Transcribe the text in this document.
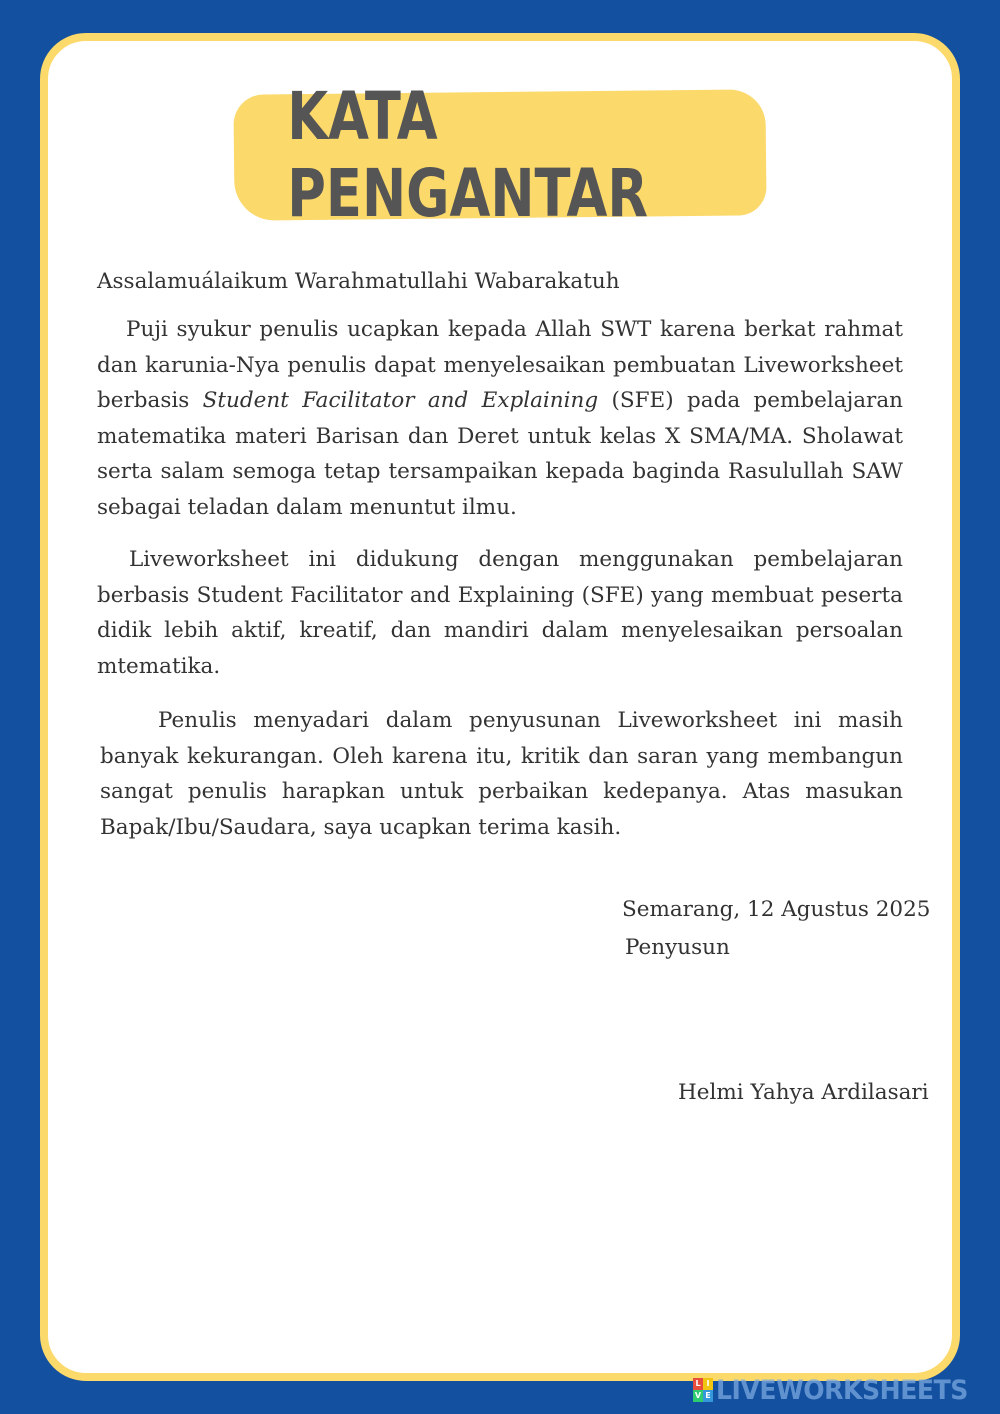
KATA PENGANTAR
Assalamuálaikum Warahmatullahi Wabarakatuh
Puji syukur penulis ucapkan kepada Allah SWT karena berkat rahmat dan karunia-Nya penulis dapat menyelesaikan pembuatan Liveworksheet berbasis Student Facilitator and Explaining (SFE) pada pembelajaran matematika materi Barisan dan Deret untuk kelas X SMA/MA. Sholawat serta salam semoga tetap tersampaikan kepada baginda Rasulullah SAW sebagai teladan dalam menuntut ilmu.
Liveworksheet ini didukung dengan menggunakan pembelajaran berbasis Student Facilitator and Explaining (SFE) yang membuat peserta didik lebih aktif, kreatif, dan mandiri dalam menyelesaikan persoalan mtematika.
Penulis menyadari dalam penyusunan Liveworksheet ini masih banyak kekurangan. Oleh karena itu, kritik dan saran yang membangun sangat penulis harapkan untuk perbaikan kedepanya. Atas masukan Bapak/Ibu/Saudara, saya ucapkan terima kasih.
Semarang, 12 Agustus 2025
Penyusun
Helmi Yahya Ardilasari
L I
V E LIVEWORKSHEETS
